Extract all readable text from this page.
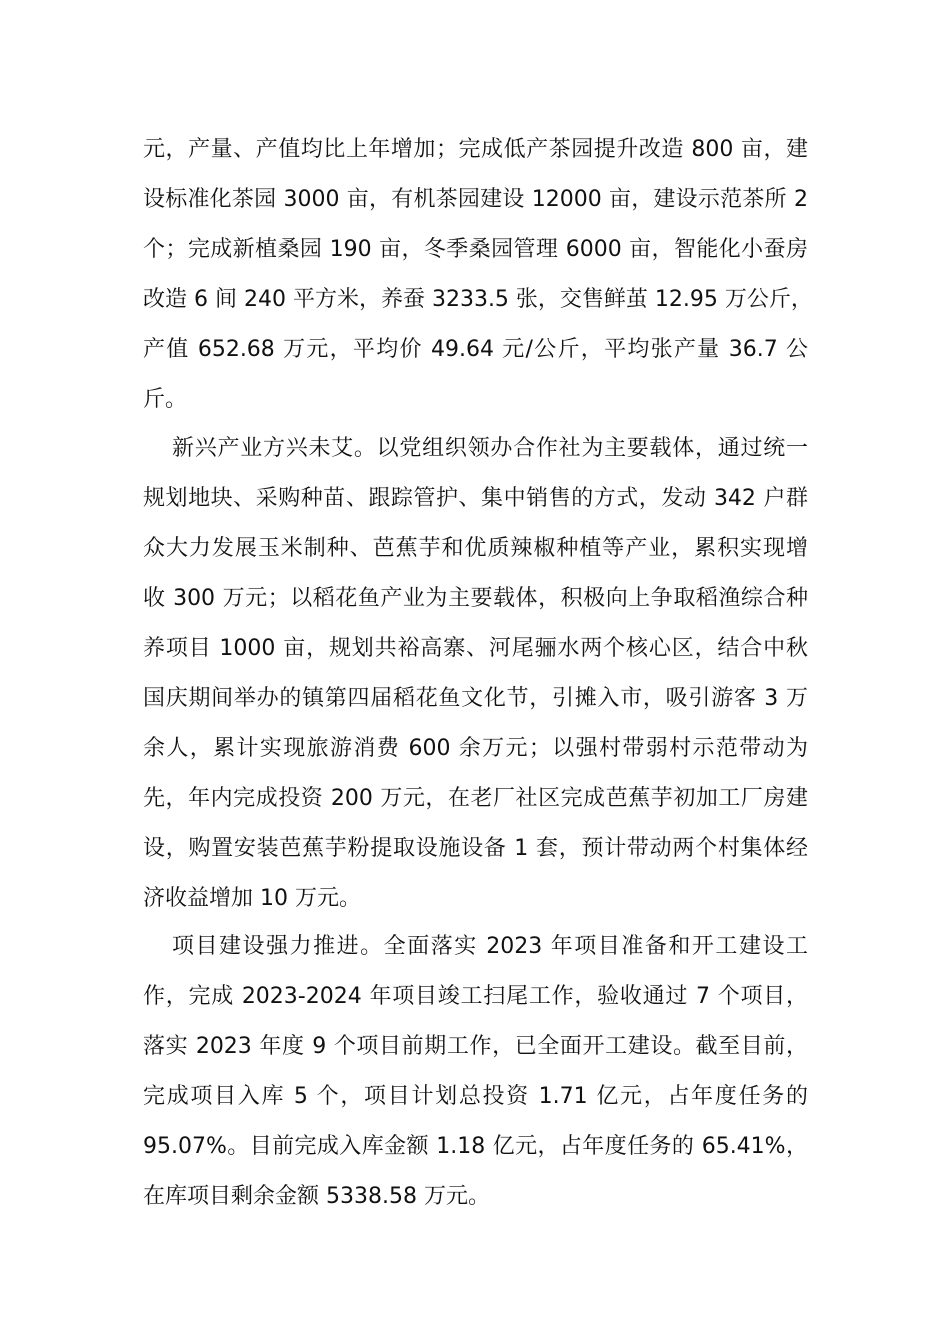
元，产量、产值均比上年增加；完成低产茶园提升改造 800 亩，建
设标准化茶园 3000 亩，有机茶园建设 12000 亩，建设示范茶所 2
个；完成新植桑园 190 亩，冬季桑园管理 6000 亩，智能化小蚕房
改造 6 间 240 平方米，养蚕 3233.5 张，交售鲜茧 12.95 万公斤，
产值 652.68 万元，平均价 49.64 元/公斤，平均张产量 36.7 公
斤。
新兴产业方兴未艾。以党组织领办合作社为主要载体，通过统一
规划地块、采购种苗、跟踪管护、集中销售的方式，发动 342 户群
众大力发展玉米制种、芭蕉芋和优质辣椒种植等产业，累积实现增
收 300 万元；以稻花鱼产业为主要载体，积极向上争取稻渔综合种
养项目 1000 亩，规划共裕高寨、河尾骊水两个核心区，结合中秋
国庆期间举办的镇第四届稻花鱼文化节，引摊入市，吸引游客 3 万
余人，累计实现旅游消费 600 余万元；以强村带弱村示范带动为
先，年内完成投资 200 万元，在老厂社区完成芭蕉芋初加工厂房建
设，购置安装芭蕉芋粉提取设施设备 1 套，预计带动两个村集体经
济收益增加 10 万元。
项目建设强力推进。全面落实 2023 年项目准备和开工建设工
作，完成 2023-2024 年项目竣工扫尾工作，验收通过 7 个项目，
落实 2023 年度 9 个项目前期工作，已全面开工建设。截至目前，
完成项目入库 5 个，项目计划总投资 1.71 亿元，占年度任务的
95.07%。目前完成入库金额 1.18 亿元，占年度任务的 65.41%，
在库项目剩余金额 5338.58 万元。
